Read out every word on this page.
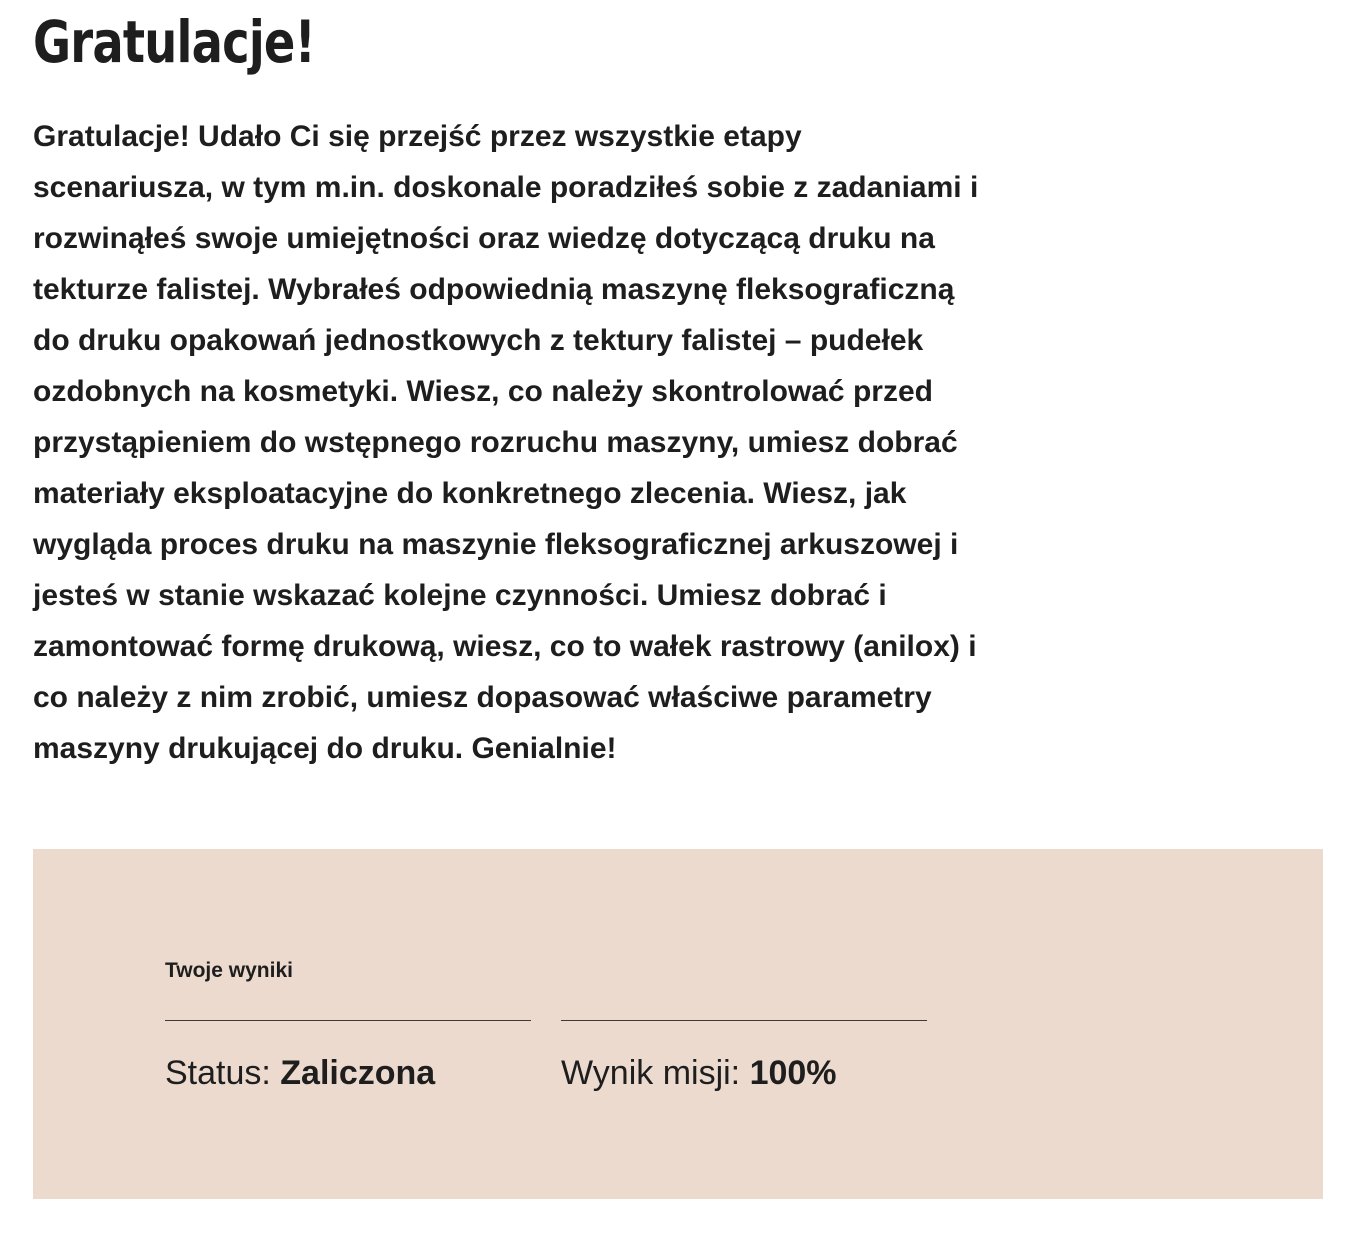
Gratulacje!
Gratulacje! Udało Ci się przejść przez wszystkie etapy
scenariusza, w tym m.in. doskonale poradziłeś sobie z zadaniami i
rozwinąłeś swoje umiejętności oraz wiedzę dotyczącą druku na
tekturze falistej. Wybrałeś odpowiednią maszynę fleksograficzną
do druku opakowań jednostkowych z tektury falistej – pudełek
ozdobnych na kosmetyki. Wiesz, co należy skontrolować przed
przystąpieniem do wstępnego rozruchu maszyny, umiesz dobrać
materiały eksploatacyjne do konkretnego zlecenia. Wiesz, jak
wygląda proces druku na maszynie fleksograficznej arkuszowej i
jesteś w stanie wskazać kolejne czynności. Umiesz dobrać i
zamontować formę drukową, wiesz, co to wałek rastrowy (anilox) i
co należy z nim zrobić, umiesz dopasować właściwe parametry
maszyny drukującej do druku. Genialnie!
Twoje wyniki
Status: Zaliczona	Wynik misji: 100%
